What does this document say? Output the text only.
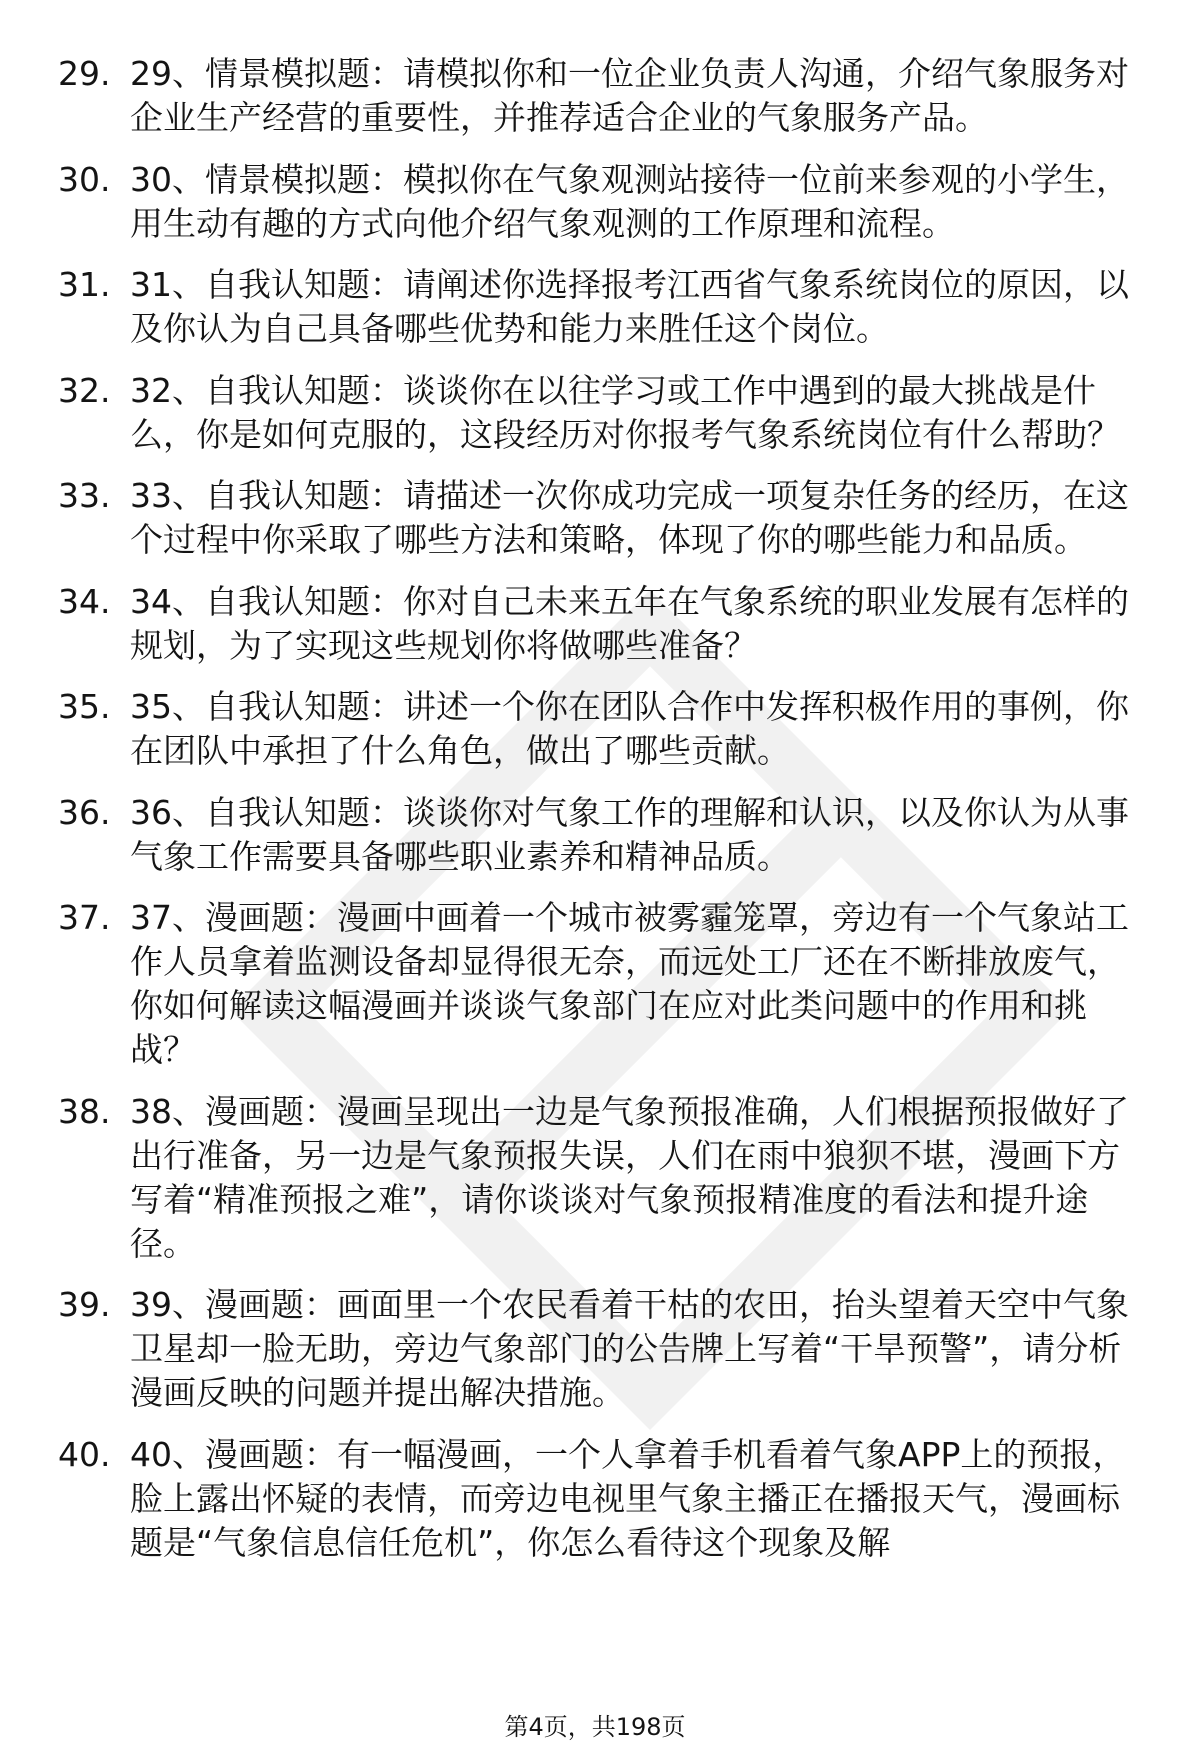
29. 29、情景模拟题：请模拟你和一位企业负责人沟通，介绍气象服务对企业生产经营的重要性，并推荐适合企业的气象服务产品。
30. 30、情景模拟题：模拟你在气象观测站接待一位前来参观的小学生，用生动有趣的方式向他介绍气象观测的工作原理和流程。
31. 31、自我认知题：请阐述你选择报考江西省气象系统岗位的原因，以及你认为自己具备哪些优势和能力来胜任这个岗位。
32. 32、自我认知题：谈谈你在以往学习或工作中遇到的最大挑战是什么，你是如何克服的，这段经历对你报考气象系统岗位有什么帮助？
33. 33、自我认知题：请描述一次你成功完成一项复杂任务的经历，在这个过程中你采取了哪些方法和策略，体现了你的哪些能力和品质。
34. 34、自我认知题：你对自己未来五年在气象系统的职业发展有怎样的规划，为了实现这些规划你将做哪些准备？
35. 35、自我认知题：讲述一个你在团队合作中发挥积极作用的事例，你在团队中承担了什么角色，做出了哪些贡献。
36. 36、自我认知题：谈谈你对气象工作的理解和认识，以及你认为从事气象工作需要具备哪些职业素养和精神品质。
37. 37、漫画题：漫画中画着一个城市被雾霾笼罩，旁边有一个气象站工作人员拿着监测设备却显得很无奈，而远处工厂还在不断排放废气，你如何解读这幅漫画并谈谈气象部门在应对此类问题中的作用和挑战？
38. 38、漫画题：漫画呈现出一边是气象预报准确，人们根据预报做好了出行准备，另一边是气象预报失误，人们在雨中狼狈不堪，漫画下方写着“精准预报之难”，请你谈谈对气象预报精准度的看法和提升途径。
39. 39、漫画题：画面里一个农民看着干枯的农田，抬头望着天空中气象卫星却一脸无助，旁边气象部门的公告牌上写着“干旱预警”，请分析漫画反映的问题并提出解决措施。
40. 40、漫画题：有一幅漫画，一个人拿着手机看着气象APP上的预报，脸上露出怀疑的表情，而旁边电视里气象主播正在播报天气，漫画标题是“气象信息信任危机”，你怎么看待这个现象及解
第4页，共198页
